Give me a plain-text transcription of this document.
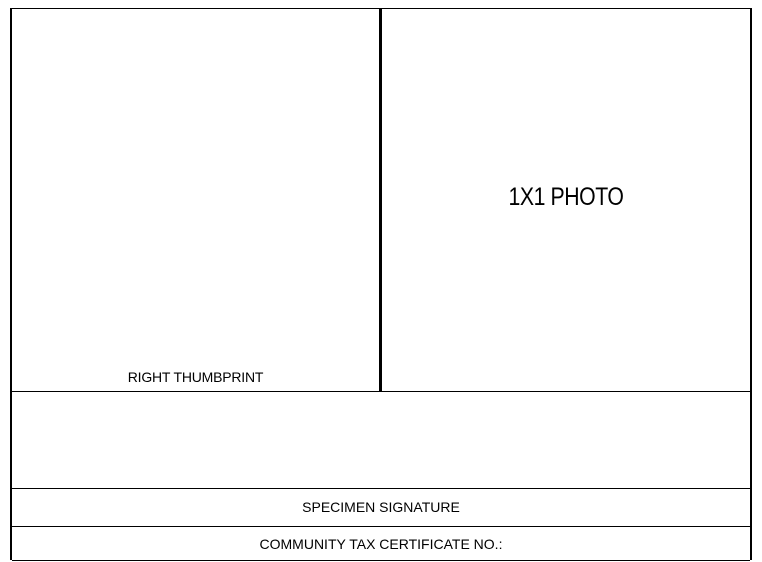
RIGHT THUMBPRINT
1X1 PHOTO
SPECIMEN SIGNATURE
COMMUNITY TAX CERTIFICATE NO.:
